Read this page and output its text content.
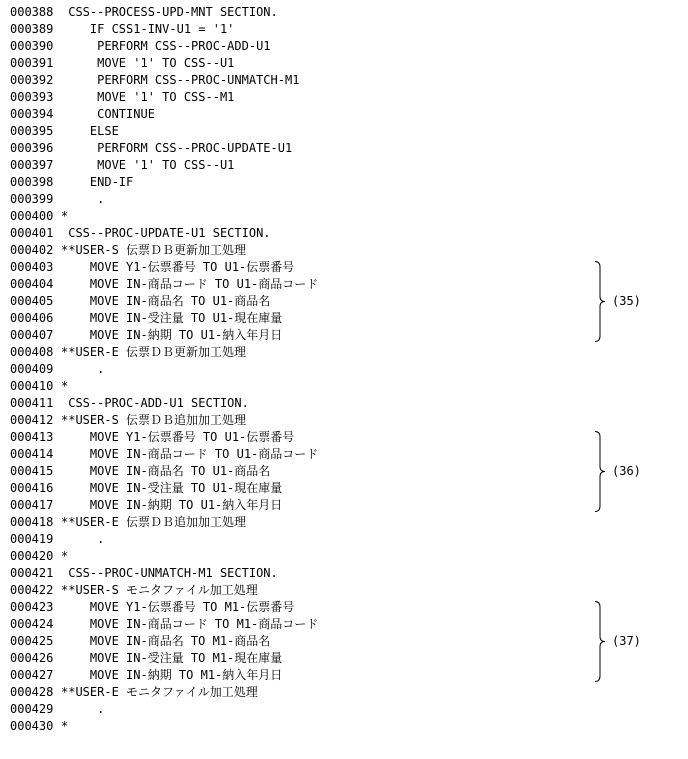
000388 CSS--PROCESS-UPD-MNT SECTION.
000389 IF CSS1-INV-U1 = '1'
000390 PERFORM CSS--PROC-ADD-U1
000391 MOVE '1' TO CSS--U1
000392 PERFORM CSS--PROC-UNMATCH-M1
000393 MOVE '1' TO CSS--M1
000394 CONTINUE
000395 ELSE
000396 PERFORM CSS--PROC-UPDATE-U1
000397 MOVE '1' TO CSS--U1
000398 END-IF
000399 .
000400 *
000401 CSS--PROC-UPDATE-U1 SECTION.
000402 **USER-S 伝票ＤＢ更新加工処理
000403 MOVE Y1-伝票番号 TO U1-伝票番号
000404 MOVE IN-商品コード TO U1-商品コード
000405 MOVE IN-商品名 TO U1-商品名
000406 MOVE IN-受注量 TO U1-現在庫量
000407 MOVE IN-納期 TO U1-納入年月日
000408 **USER-E 伝票ＤＢ更新加工処理
000409 .
000410 *
000411 CSS--PROC-ADD-U1 SECTION.
000412 **USER-S 伝票ＤＢ追加加工処理
000413 MOVE Y1-伝票番号 TO U1-伝票番号
000414 MOVE IN-商品コード TO U1-商品コード
000415 MOVE IN-商品名 TO U1-商品名
000416 MOVE IN-受注量 TO U1-現在庫量
000417 MOVE IN-納期 TO U1-納入年月日
000418 **USER-E 伝票ＤＢ追加加工処理
000419 .
000420 *
000421 CSS--PROC-UNMATCH-M1 SECTION.
000422 **USER-S モニタファイル加工処理
000423 MOVE Y1-伝票番号 TO M1-伝票番号
000424 MOVE IN-商品コード TO M1-商品コード
000425 MOVE IN-商品名 TO M1-商品名
000426 MOVE IN-受注量 TO M1-現在庫量
000427 MOVE IN-納期 TO M1-納入年月日
000428 **USER-E モニタファイル加工処理
000429 .
000430 *
(35)
(36)
(37)
